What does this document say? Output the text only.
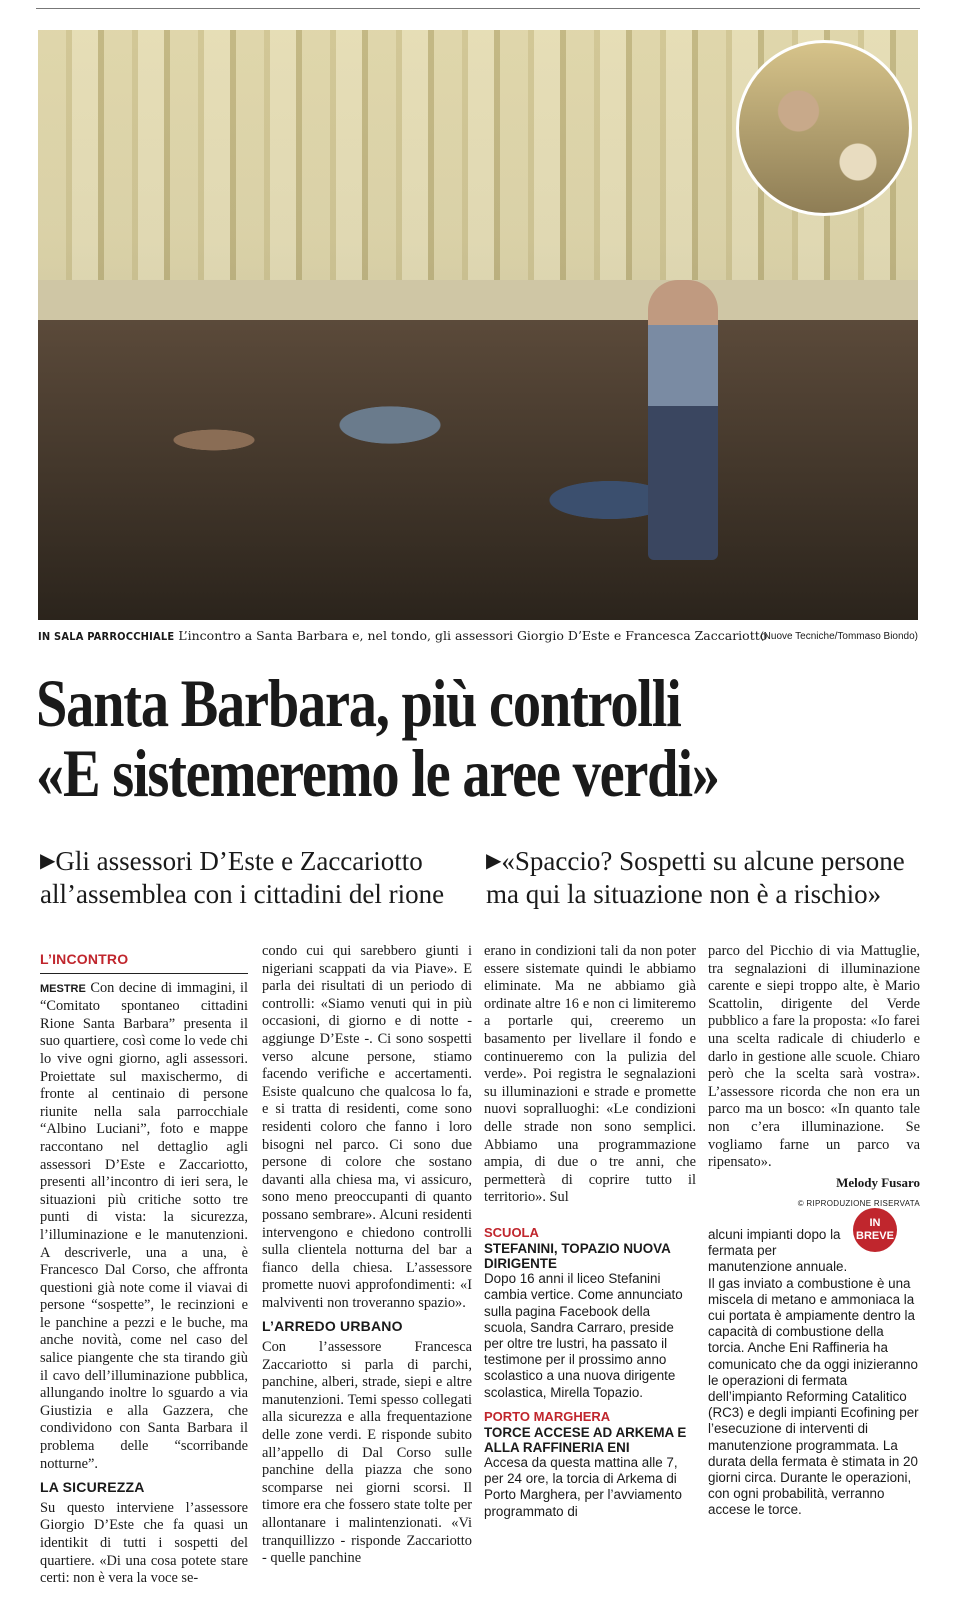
IN SALA PARROCCHIALE L’incontro a Santa Barbara e, nel tondo, gli assessori Giorgio D’Este e Francesca Zaccariotto
(Nuove Tecniche/Tommaso Biondo)
Santa Barbara, più controlli
«E sistemeremo le aree verdi»
▶Gli assessori D’Este e Zaccariotto all’assemblea con i cittadini del rione
▶«Spaccio? Sospetti su alcune persone ma qui la situazione non è a rischio»
L’INCONTRO
MESTRE Con decine di immagini, il “Comitato spontaneo cittadini Rione Santa Barbara” presenta il suo quartiere, così come lo vede chi lo vive ogni giorno, agli assessori. Proiettate sul maxischermo, di fronte al centinaio di persone riunite nella sala parrocchiale “Albino Luciani”, foto e mappe raccontano nel dettaglio agli assessori D’Este e Zaccariotto, presenti all’incontro di ieri sera, le situazioni più critiche sotto tre punti di vista: la sicurezza, l’illuminazione e le manutenzioni. A descriverle, una a una, è Francesco Dal Corso, che affronta questioni già note come il viavai di persone “sospette”, le recinzioni e le panchine a pezzi e le buche, ma anche novità, come nel caso del salice piangente che sta tirando giù il cavo dell’illuminazione pubblica, allungando inoltre lo sguardo a via Giustizia e alla Gazzera, che condividono con Santa Barbara il problema delle “scorribande notturne”.
LA SICUREZZA
Su questo interviene l’assessore Giorgio D’Este che fa quasi un identikit di tutti i sospetti del quartiere. «Di una cosa potete stare certi: non è vera la voce se-
condo cui qui sarebbero giunti i nigeriani scappati da via Piave». E parla dei risultati di un periodo di controlli: «Siamo venuti qui in più occasioni, di giorno e di notte - aggiunge D’Este -. Ci sono sospetti verso alcune persone, stiamo facendo verifiche e accertamenti. Esiste qualcuno che qualcosa lo fa, e si tratta di residenti, come sono residenti coloro che fanno i loro bisogni nel parco. Ci sono due persone di colore che sostano davanti alla chiesa ma, vi assicuro, sono meno preoccupanti di quanto possano sembrare». Alcuni residenti intervengono e chiedono controlli sulla clientela notturna del bar a fianco della chiesa. L’assessore promette nuovi approfondimenti: «I malviventi non troveranno spazio».
L’ARREDO URBANO
Con l’assessore Francesca Zaccariotto si parla di parchi, panchine, alberi, strade, siepi e altre manutenzioni. Temi spesso collegati alla sicurezza e alla frequentazione delle zone verdi. E risponde subito all’appello di Dal Corso sulle panchine della piazza che sono scomparse nei giorni scorsi. Il timore era che fossero state tolte per allontanare i malintenzionati. «Vi tranquillizzo - risponde Zaccariotto - quelle panchine
erano in condizioni tali da non poter essere sistemate quindi le abbiamo eliminate. Ma ne abbiamo già ordinate altre 16 e non ci limiteremo a portarle qui, creeremo un basamento per livellare il fondo e continueremo con la pulizia del verde». Poi registra le segnalazioni su illuminazioni e strade e promette nuovi sopralluoghi: «Le condizioni delle strade non sono semplici. Abbiamo una programmazione ampia, di due o tre anni, che permetterà di coprire tutto il territorio». Sul
parco del Picchio di via Mattuglie, tra segnalazioni di illuminazione carente e siepi troppo alte, è Mario Scattolin, dirigente del Verde pubblico a fare la proposta: «Io farei una scelta radicale di chiuderlo e darlo in gestione alle scuole. Chiaro però che la scelta sarà vostra». L’assessore ricorda che non era un parco ma un bosco: «In quanto tale non c’era illuminazione. Se vogliamo farne un parco va ripensato».
Melody Fusaro
© RIPRODUZIONE RISERVATA
IN BREVE
SCUOLA
STEFANINI, TOPAZIO NUOVA DIRIGENTE
Dopo 16 anni il liceo Stefanini cambia vertice. Come annunciato sulla pagina Facebook della scuola, Sandra Carraro, preside per oltre tre lustri, ha passato il testimone per il prossimo anno scolastico a una nuova dirigente scolastica, Mirella Topazio.
PORTO MARGHERA
TORCE ACCESE AD ARKEMA E ALLA RAFFINERIA ENI
Accesa da questa mattina alle 7, per 24 ore, la torcia di Arkema di Porto Marghera, per l’avviamento programmato di
alcuni impianti dopo la fermata per manutenzione annuale.
Il gas inviato a combustione è una miscela di metano e ammoniaca la cui portata è ampiamente dentro la capacità di combustione della torcia. Anche Eni Raffineria ha comunicato che da oggi inizieranno le operazioni di fermata dell’impianto Reforming Catalitico (RC3) e degli impianti Ecofining per l’esecuzione di interventi di manutenzione programmata. La durata della fermata è stimata in 20 giorni circa. Durante le operazioni, con ogni probabilità, verranno accese le torce.
